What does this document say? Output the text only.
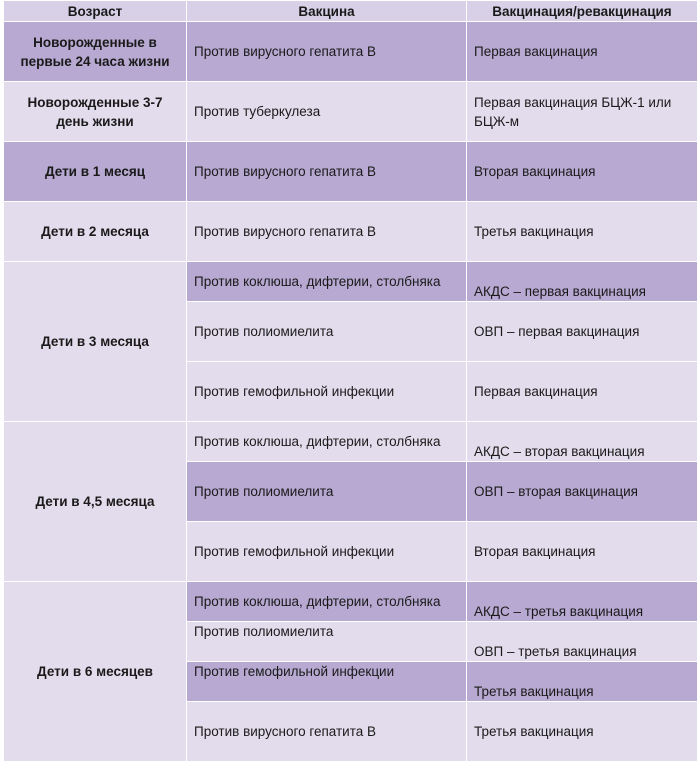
Возраст	Вакцина	Вакцинация/ревакцинация
Новорожденные в первые 24 часа жизни	Против вирусного гепатита В	Первая вакцинация
Новорожденные 3-7 день жизни	Против туберкулеза	Первая вакцинация БЦЖ-1 или БЦЖ-м
Дети в 1 месяц	Против вирусного гепатита В	Вторая вакцинация
Дети в 2 месяца	Против вирусного гепатита В	Третья вакцинация
Дети в 3 месяца	Против коклюша, дифтерии, столбняка	АКДС – первая вакцинация
	Против полиомиелита	ОВП – первая вакцинация
	Против гемофильной инфекции	Первая вакцинация
Дети в 4,5 месяца	Против коклюша, дифтерии, столбняка	АКДС – вторая вакцинация
	Против полиомиелита	ОВП – вторая вакцинация
	Против гемофильной инфекции	Вторая вакцинация
Дети в 6 месяцев	Против коклюша, дифтерии, столбняка	АКДС – третья вакцинация
	Против полиомиелита	ОВП – третья вакцинация
	Против гемофильной инфекции	Третья вакцинация
	Против вирусного гепатита В	Третья вакцинация
